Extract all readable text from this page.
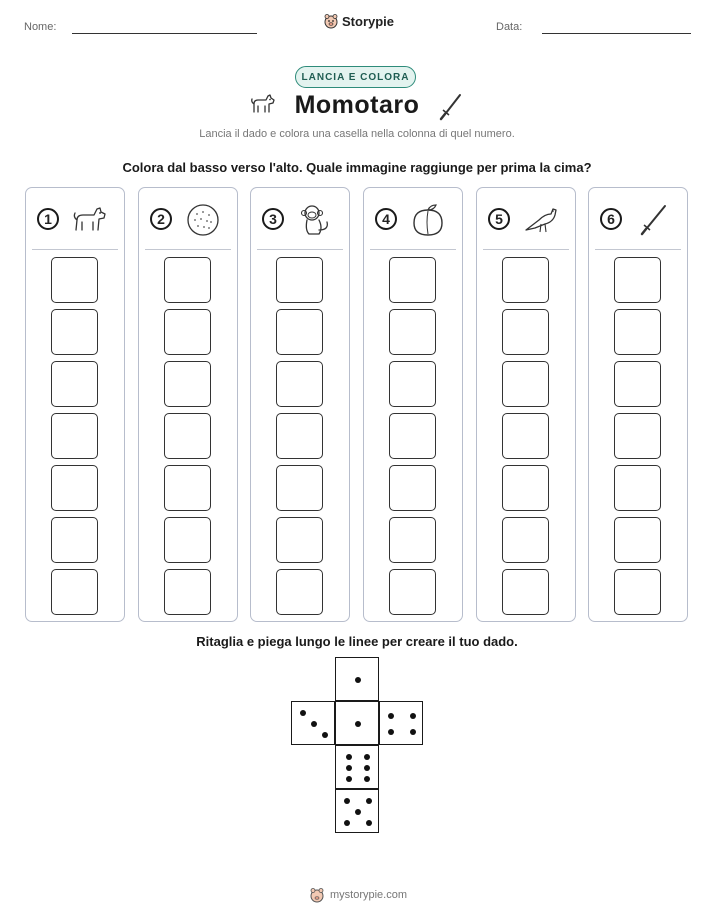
Nome:	Storypie	Data:
LANCIA E COLORA
Momotaro
Lancia il dado e colora una casella nella colonna di quel numero.
Colora dal basso verso l'alto. Quale immagine raggiunge per prima la cima?
1	2	3	4	5	6
Ritaglia e piega lungo le linee per creare il tuo dado.
mystorypie.com
